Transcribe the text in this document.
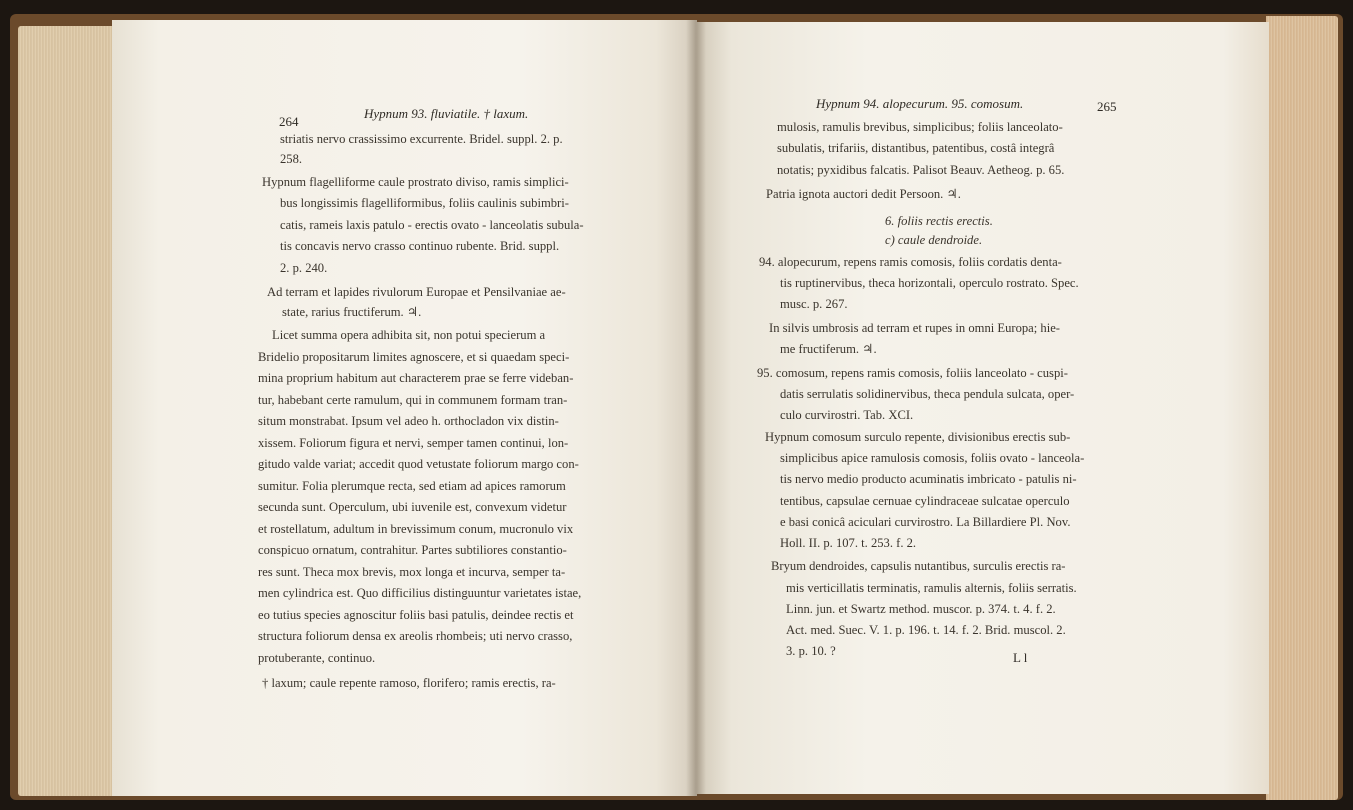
264
Hypnum 93. fluviatile. † laxum.
striatis nervo crassissimo excurrente. Bridel. suppl. 2. p.
258.
Hypnum flagelliforme caule prostrato diviso, ramis simplici-
bus longissimis flagelliformibus, foliis caulinis subimbri-
catis, rameis laxis patulo - erectis ovato - lanceolatis subula-
tis concavis nervo crasso continuo rubente. Brid. suppl.
2. p. 240.
Ad terram et lapides rivulorum Europae et Pensilvaniae ae-
state, rarius fructiferum. ♃.
Licet summa opera adhibita sit, non potui specierum a
Bridelio propositarum limites agnoscere, et si quaedam speci-
mina proprium habitum aut characterem prae se ferre videban-
tur, habebant certe ramulum, qui in communem formam tran-
situm monstrabat. Ipsum vel adeo h. orthocladon vix distin-
xissem. Foliorum figura et nervi, semper tamen continui, lon-
gitudo valde variat; accedit quod vetustate foliorum margo con-
sumitur. Folia plerumque recta, sed etiam ad apices ramorum
secunda sunt. Operculum, ubi iuvenile est, convexum videtur
et rostellatum, adultum in brevissimum conum, mucronulo vix
conspicuo ornatum, contrahitur. Partes subtiliores constantio-
res sunt. Theca mox brevis, mox longa et incurva, semper ta-
men cylindrica est. Quo difficilius distinguuntur varietates istae,
eo tutius species agnoscitur foliis basi patulis, deindee rectis et
structura foliorum densa ex areolis rhombeis; uti nervo crasso,
protuberante, continuo.
† laxum; caule repente ramoso, florifero; ramis erectis, ra-
Hypnum 94. alopecurum. 95. comosum.	265
mulosis, ramulis brevibus, simplicibus; foliis lanceolato-
subulatis, trifariis, distantibus, patentibus, costâ integrâ
notatis; pyxidibus falcatis. Palisot Beauv. Aetheog. p. 65.
Patria ignota auctori dedit Persoon. ♃.
6. foliis rectis erectis.
c) caule dendroide.
94. alopecurum, repens ramis comosis, foliis cordatis denta-
tis ruptinervibus, theca horizontali, operculo rostrato. Spec.
musc. p. 267.
In silvis umbrosis ad terram et rupes in omni Europa; hie-
me fructiferum. ♃.
95. comosum, repens ramis comosis, foliis lanceolato - cuspi-
datis serrulatis solidinervibus, theca pendula sulcata, oper-
culo curvirostri. Tab. XCI.
Hypnum comosum surculo repente, divisionibus erectis sub-
simplicibus apice ramulosis comosis, foliis ovato - lanceola-
tis nervo medio producto acuminatis imbricato - patulis ni-
tentibus, capsulae cernuae cylindraceae sulcatae operculo
e basi conicâ aciculari curvirostro. La Billardiere Pl. Nov.
Holl. II. p. 107. t. 253. f. 2.
Bryum dendroides, capsulis nutantibus, surculis erectis ra-
mis verticillatis terminatis, ramulis alternis, foliis serratis.
Linn. jun. et Swartz method. muscor. p. 374. t. 4. f. 2.
Act. med. Suec. V. 1. p. 196. t. 14. f. 2. Brid. muscol. 2.
3. p. 10. ?	L l
